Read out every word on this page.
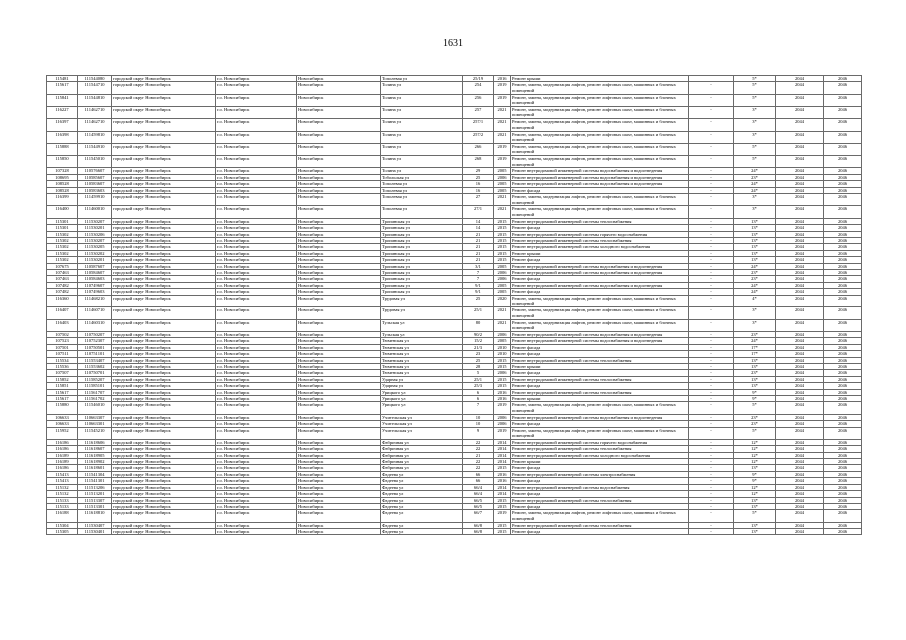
1631
115481	111544080	городской округ Новосибирск	г.о. Новосибирск	Новосибирск	Тополевая ул	25/19	2016	Ремонт крыши		5*	2044	2046
115617	111544710	городской округ Новосибирск	г.о. Новосибирск	Новосибирск	Толина ул	254	2019	Ремонт, замена, модернизация лифтов, ремонт лифтовых шахт, машинных и блочных помещений	-	5*	2044	2046
115841	111544810	городской округ Новосибирск	г.о. Новосибирск	Новосибирск	Толина ул	256	2019	Ремонт, замена, модернизация лифтов, ремонт лифтовых шахт, машинных и блочных помещений	-	5*	2044	2046
116227	111462710	городской округ Новосибирск	г.о. Новосибирск	Новосибирск	Толина ул	257	2021	Ремонт, замена, модернизация лифтов, ремонт лифтовых шахт, машинных и блочных помещений	-	3*	2044	2046
116397	111462710	городской округ Новосибирск	г.о. Новосибирск	Новосибирск	Толина ул	257/1	2021	Ремонт, замена, модернизация лифтов, ремонт лифтовых шахт, машинных и блочных помещений	-	3*	2044	2046
116398	111459810	городской округ Новосибирск	г.о. Новосибирск	Новосибирск	Толина ул	257/2	2021	Ремонт, замена, модернизация лифтов, ремонт лифтовых шахт, машинных и блочных помещений	-	3*	2044	2046
115888	111544910	городской округ Новосибирск	г.о. Новосибирск	Новосибирск	Толина ул	266	2019	Ремонт, замена, модернизация лифтов, ремонт лифтовых шахт, машинных и блочных помещений	-	5*	2044	2046
115850	111545010	городской округ Новосибирск	г.о. Новосибирск	Новосибирск	Толина ул	268	2019	Ремонт, замена, модернизация лифтов, ремонт лифтовых шахт, машинных и блочных помещений	-	5*	2044	2046
107328	110576607	городской округ Новосибирск	г.о. Новосибирск	Новосибирск	Толина ул	29	2005	Ремонт внутридомовой инженерной системы водоснабжения и водоотведения	-	24*	2044	2046
108695	110585607	городской округ Новосибирск	г.о. Новосибирск	Новосибирск	Тобольская ул	25	2006	Ремонт внутридомовой инженерной системы водоснабжения и водоотведения	-	23*	2044	2046
108528	110583607	городской округ Новосибирск	г.о. Новосибирск	Новосибирск	Тополевая ул	16	2005	Ремонт внутридомовой инженерной системы водоснабжения и водоотведения	-	24*	2044	2046
108528	110583603	городской округ Новосибирск	г.о. Новосибирск	Новосибирск	Тополевая ул	16	2005	Ремонт фасада	-	24*	2044	2046
116399	111459910	городской округ Новосибирск	г.о. Новосибирск	Новосибирск	Тополевая ул	27	2021	Ремонт, замена, модернизация лифтов, ремонт лифтовых шахт, машинных и блочных помещений	-	3*	2044	2046
116400	111460010	городской округ Новосибирск	г.о. Новосибирск	Новосибирск	Тополевая ул	27/1	2021	Ремонт, замена, модернизация лифтов, ремонт лифтовых шахт, машинных и блочных помещений	-	3*	2044	2046
115301	111530207	городской округ Новосибирск	г.о. Новосибирск	Новосибирск	Тропинская ул	14	2015	Ремонт внутридомовой инженерной системы теплоснабжения	-	13*	2044	2046
115301	111530201	городской округ Новосибирск	г.о. Новосибирск	Новосибирск	Тропинская ул	14	2015	Ремонт фасада	-	13*	2044	2046
115302	111530206	городской округ Новосибирск	г.о. Новосибирск	Новосибирск	Тропинская ул	21	2015	Ремонт внутридомовой инженерной системы горячего водоснабжения	-	13*	2044	2046
115302	111530207	городской округ Новосибирск	г.о. Новосибирск	Новосибирск	Тропинская ул	21	2015	Ремонт внутридомовой инженерной системы теплоснабжения	-	13*	2044	2046
115302	111530205	городской округ Новосибирск	г.о. Новосибирск	Новосибирск	Тропинская ул	21	2015	Ремонт внутридомовой инженерной системы холодного водоснабжения	-	13*	2044	2046
115302	111530202	городской округ Новосибирск	г.о. Новосибирск	Новосибирск	Тропинская ул	21	2015	Ремонт крыши	-	13*	2044	2046
115302	111530201	городской округ Новосибирск	г.о. Новосибирск	Новосибирск	Тропинская ул	21	2015	Ремонт фасада	-	13*	2044	2046
107675	110587607	городской округ Новосибирск	г.о. Новосибирск	Новосибирск	Тропинская ул	3/1	2005	Ремонт внутридомовой инженерной системы водоснабжения и водоотведения	-	24*	2044	2046
107463	110584607	городской округ Новосибирск	г.о. Новосибирск	Новосибирск	Тропинская ул	7	2006	Ремонт внутридомовой инженерной системы водоснабжения и водоотведения	-	23*	2044	2046
107463	110584603	городской округ Новосибирск	г.о. Новосибирск	Новосибирск	Тропинская ул	7	2006	Ремонт фасада	-	23*	2044	2046
107482	110749607	городской округ Новосибирск	г.о. Новосибирск	Новосибирск	Тропинская ул	9/1	2005	Ремонт внутридомовой инженерной системы водоснабжения и водоотведения	-	24*	2044	2046
107482	110749603	городской округ Новосибирск	г.о. Новосибирск	Новосибирск	Тропинская ул	9/1	2005	Ремонт фасада	-	24*	2044	2046
116360	111468210	городской округ Новосибирск	г.о. Новосибирск	Новосибирск	Трудовая ул	25	2020	Ремонт, замена, модернизация лифтов, ремонт лифтовых шахт, машинных и блочных помещений	-	4*	2044	2046
116407	111460710	городской округ Новосибирск	г.о. Новосибирск	Новосибирск	Трудовая ул	25/1	2021	Ремонт, замена, модернизация лифтов, ремонт лифтовых шахт, машинных и блочных помещений	-	3*	2044	2046
116403	111460310	городской округ Новосибирск	г.о. Новосибирск	Новосибирск	Тульская ул	80	2021	Ремонт, замена, модернизация лифтов, ремонт лифтовых шахт, машинных и блочных помещений	-	3*	2044	2046
107502	110750207	городской округ Новосибирск	г.о. Новосибирск	Новосибирск	Тульская ул	90/2	2006	Ремонт внутридомовой инженерной системы водоснабжения и водоотведения	-	23*	2044	2046
107523	110752307	городской округ Новосибирск	г.о. Новосибирск	Новосибирск	Тюменская ул	15/2	2005	Ремонт внутридомовой инженерной системы водоснабжения и водоотведения	-	24*	2044	2046
107501	110750501	городской округ Новосибирск	г.о. Новосибирск	Новосибирск	Тюменская ул	21/3	2010	Ремонт фасада	-	17*	2044	2046
107511	110751101	городской округ Новосибирск	г.о. Новосибирск	Новосибирск	Тюменская ул	23	2010	Ремонт фасада	-	17*	2044	2046
115534	111553407	городской округ Новосибирск	г.о. Новосибирск	Новосибирск	Тюменская ул	25	2015	Ремонт внутридомовой инженерной системы теплоснабжения	-	13*	2044	2046
115536	111553602	городской округ Новосибирск	г.о. Новосибирск	Новосибирск	Тюменская ул	28	2015	Ремонт крыши	-	13*	2044	2046
107507	110750701	городской округ Новосибирск	г.о. Новосибирск	Новосибирск	Тюменская ул	5	2006	Ремонт фасада	-	23*	2044	2046
115852	111585207	городской округ Новосибирск	г.о. Новосибирск	Новосибирск	Ударная ул	25/1	2015	Ремонт внутридомовой инженерной системы теплоснабжения	-	13*	2044	2046
115851	111585101	городской округ Новосибирск	г.о. Новосибирск	Новосибирск	Ударная ул	25/3	2015	Ремонт фасада	-	13*	2044	2046
115617	111561707	городской округ Новосибирск	г.о. Новосибирск	Новосибирск	Урицкого ул	6	2016	Ремонт внутридомовой инженерной системы теплоснабжения	-	9*	2044	2046
115617	111561702	городской округ Новосибирск	г.о. Новосибирск	Новосибирск	Урицкого ул	6	2016	Ремонт крыши	-	9*	2044	2046
115880	111546010	городской округ Новосибирск	г.о. Новосибирск	Новосибирск	Урицкого ул	7	2019	Ремонт, замена, модернизация лифтов, ремонт лифтовых шахт, машинных и блочных помещений	-	5*	2044	2046
106633	110663307	городской округ Новосибирск	г.о. Новосибирск	Новосибирск	Учительская ул	10	2006	Ремонт внутридомовой инженерной системы водоснабжения и водоотведения	-	23*	2044	2046
106633	110663301	городской округ Новосибирск	г.о. Новосибирск	Новосибирск	Учительская ул	10	2006	Ремонт фасада	-	23*	2044	2046
115952	111545210	городской округ Новосибирск	г.о. Новосибирск	Новосибирск	Учительская ул	9	2019	Ремонт, замена, модернизация лифтов, ремонт лифтовых шахт, машинных и блочных помещений	-	5*	2044	2046
116186	111618606	городской округ Новосибирск	г.о. Новосибирск	Новосибирск	Фабричная ул	22	2014	Ремонт внутридомовой инженерной системы горячего водоснабжения	-	12*	2044	2046
116186	111618607	городской округ Новосибирск	г.о. Новосибирск	Новосибирск	Фабричная ул	22	2014	Ремонт внутридомовой инженерной системы теплоснабжения	-	12*	2044	2046
116189	111618905	городской округ Новосибирск	г.о. Новосибирск	Новосибирск	Фабричная ул	21	2014	Ремонт внутридомовой инженерной системы холодного водоснабжения	-	12*	2044	2046
116189	111618902	городской округ Новосибирск	г.о. Новосибирск	Новосибирск	Фабричная ул	22	2014	Ремонт крыши	-	12*	2044	2046
116186	111618601	городской округ Новосибирск	г.о. Новосибирск	Новосибирск	Фабричная ул	22	2015	Ремонт фасада	-	13*	2044	2046
115413	111541304	городской округ Новосибирск	г.о. Новосибирск	Новосибирск	Фадеева ул	66	2016	Ремонт внутридомовой инженерной системы электроснабжения	-	9*	2044	2046
115413	111541301	городской округ Новосибирск	г.о. Новосибирск	Новосибирск	Фадеева ул	66	2016	Ремонт фасада	-	9*	2044	2046
115132	111513206	городской округ Новосибирск	г.о. Новосибирск	Новосибирск	Фадеева ул	66/4	2014	Ремонт внутридомовой инженерной системы водоснабжения	-	12*	2044	2046
115132	111513201	городской округ Новосибирск	г.о. Новосибирск	Новосибирск	Фадеева ул	66/4	2014	Ремонт фасада	-	12*	2044	2046
115133	111513307	городской округ Новосибирск	г.о. Новосибирск	Новосибирск	Фадеева ул	66/5	2015	Ремонт внутридомовой инженерной системы теплоснабжения	-	13*	2044	2046
115133	111513301	городской округ Новосибирск	г.о. Новосибирск	Новосибирск	Фадеева ул	66/5	2015	Ремонт фасада	-	13*	2044	2046
116188	111618810	городской округ Новосибирск	г.о. Новосибирск	Новосибирск	Фадеева ул	66/7	2019	Ремонт, замена, модернизация лифтов, ремонт лифтовых шахт, машинных и блочных помещений	-	5*	2044	2046
115304	111530407	городской округ Новосибирск	г.о. Новосибирск	Новосибирск	Фадеева ул	66/8	2015	Ремонт внутридомовой инженерной системы теплоснабжения	-	13*	2044	2046
115305	111530401	городской округ Новосибирск	г.о. Новосибирск	Новосибирск	Фадеева ул	66/8	2015	Ремонт фасада	-	13*	2044	2046
